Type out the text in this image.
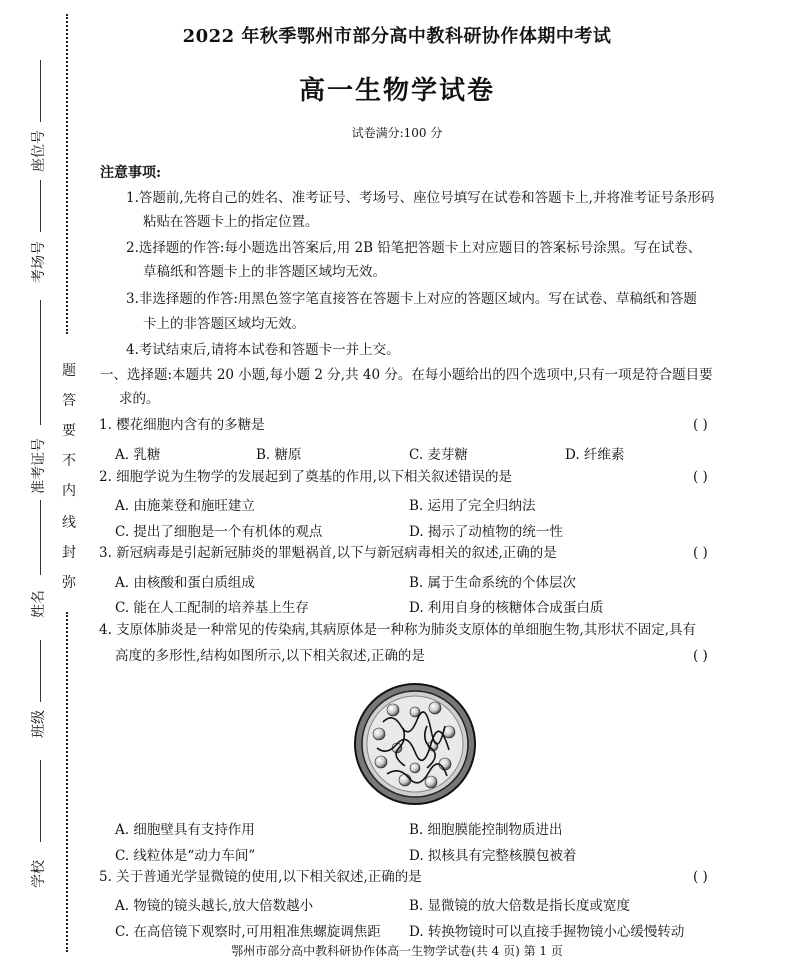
座位号
考场号
准考证号
姓名
班级
学校
题
答
要
不
内
线
封
弥
2022 年秋季鄂州市部分高中教科研协作体期中考试
高一生物学试卷
试卷满分:100 分
注意事项:
1.答题前,先将自己的姓名、准考证号、考场号、座位号填写在试卷和答题卡上,并将准考证号条形码
粘贴在答题卡上的指定位置。
2.选择题的作答:每小题选出答案后,用 2B 铅笔把答题卡上对应题目的答案标号涂黑。写在试卷、
草稿纸和答题卡上的非答题区域均无效。
3.非选择题的作答:用黑色签字笔直接答在答题卡上对应的答题区域内。写在试卷、草稿纸和答题
卡上的非答题区域均无效。
4.考试结束后,请将本试卷和答题卡一并上交。
一、选择题:本题共 20 小题,每小题 2 分,共 40 分。在每小题给出的四个选项中,只有一项是符合题目要
求的。
1. 樱花细胞内含有的多糖是	( )
A. 乳糖	B. 糖原	C. 麦芽糖	D. 纤维素
2. 细胞学说为生物学的发展起到了奠基的作用,以下相关叙述错误的是	( )
A. 由施莱登和施旺建立	B. 运用了完全归纳法
C. 提出了细胞是一个有机体的观点	D. 揭示了动植物的统一性
3. 新冠病毒是引起新冠肺炎的罪魁祸首,以下与新冠病毒相关的叙述,正确的是	( )
A. 由核酸和蛋白质组成	B. 属于生命系统的个体层次
C. 能在人工配制的培养基上生存	D. 利用自身的核糖体合成蛋白质
4. 支原体肺炎是一种常见的传染病,其病原体是一种称为肺炎支原体的单细胞生物,其形状不固定,具有
高度的多形性,结构如图所示,以下相关叙述,正确的是	( )
A. 细胞壁具有支持作用	B. 细胞膜能控制物质进出
C. 线粒体是“动力车间”	D. 拟核具有完整核膜包被着
5. 关于普通光学显微镜的使用,以下相关叙述,正确的是	( )
A. 物镜的镜头越长,放大倍数越小	B. 显微镜的放大倍数是指长度或宽度
C. 在高倍镜下观察时,可用粗准焦螺旋调焦距 D. 转换物镜时可以直接手握物镜小心缓慢转动
鄂州市部分高中教科研协作体高一生物学试卷(共 4 页) 第 1 页
